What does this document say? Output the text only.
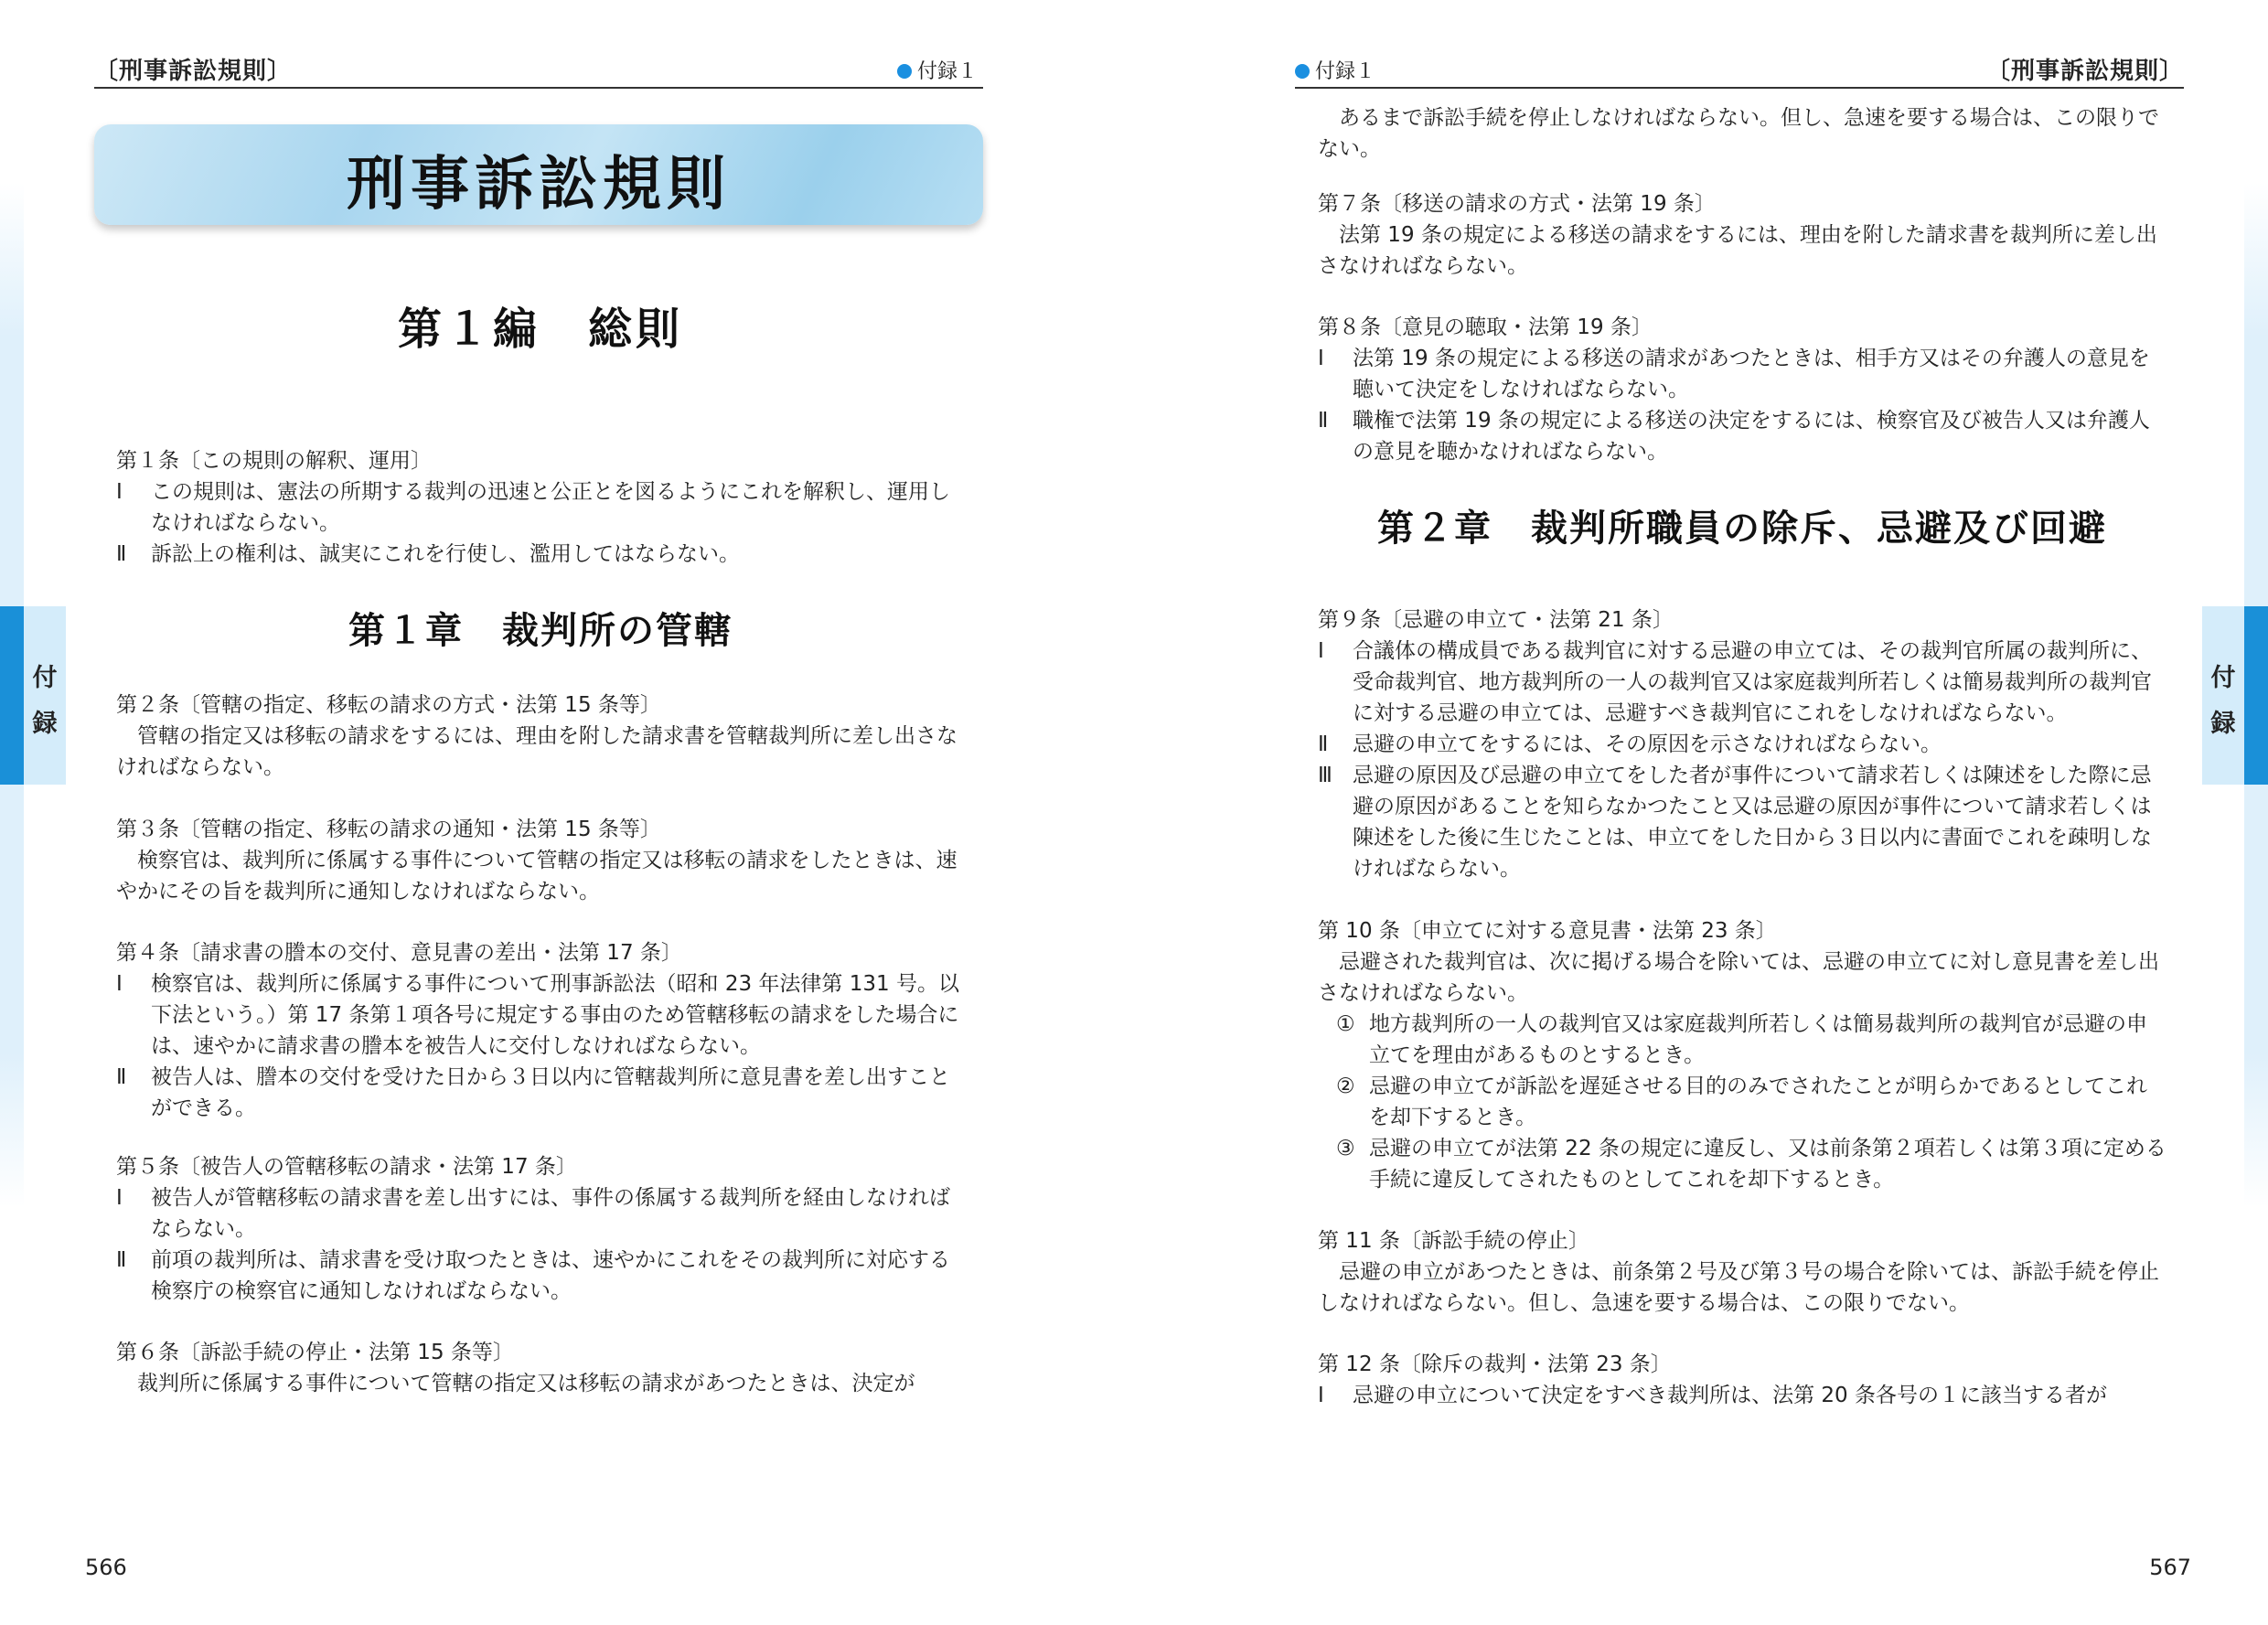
付
録
〔刑事訴訟規則〕	付録１
刑事訴訟規則
第１編　総則

第１条〔この規則の解釈、運用〕

Ⅰ この規則は、憲法の所期する裁判の迅速と公正とを図るようにこれを解釈し、運用しなければならない。

Ⅱ 訴訟上の権利は、誠実にこれを行使し、濫用してはならない。

第１章　裁判所の管轄

第２条〔管轄の指定、移転の請求の方式・法第 15 条等〕

管轄の指定又は移転の請求をするには、理由を附した請求書を管轄裁判所に差し出さなければならない。

第３条〔管轄の指定、移転の請求の通知・法第 15 条等〕

検察官は、裁判所に係属する事件について管轄の指定又は移転の請求をしたときは、速やかにその旨を裁判所に通知しなければならない。

第４条〔請求書の謄本の交付、意見書の差出・法第 17 条〕

Ⅰ 検察官は、裁判所に係属する事件について刑事訴訟法（昭和 23 年法律第 131 号。以下法という。）第 17 条第１項各号に規定する事由のため管轄移転の請求をした場合には、速やかに請求書の謄本を被告人に交付しなければならない。

Ⅱ 被告人は、謄本の交付を受けた日から３日以内に管轄裁判所に意見書を差し出すことができる。

第５条〔被告人の管轄移転の請求・法第 17 条〕

Ⅰ 被告人が管轄移転の請求書を差し出すには、事件の係属する裁判所を経由しなければならない。

Ⅱ 前項の裁判所は、請求書を受け取つたときは、速やかにこれをその裁判所に対応する検察庁の検察官に通知しなければならない。

第６条〔訴訟手続の停止・法第 15 条等〕

裁判所に係属する事件について管轄の指定又は移転の請求があつたときは、決定が

566
付
録
付録１	〔刑事訴訟規則〕

あるまで訴訟手続を停止しなければならない。但し、急速を要する場合は、この限りでない。

第７条〔移送の請求の方式・法第 19 条〕

法第 19 条の規定による移送の請求をするには、理由を附した請求書を裁判所に差し出さなければならない。

第８条〔意見の聴取・法第 19 条〕

Ⅰ 法第 19 条の規定による移送の請求があつたときは、相手方又はその弁護人の意見を聴いて決定をしなければならない。

Ⅱ 職権で法第 19 条の規定による移送の決定をするには、検察官及び被告人又は弁護人の意見を聴かなければならない。

第２章　裁判所職員の除斥、忌避及び回避

第９条〔忌避の申立て・法第 21 条〕

Ⅰ 合議体の構成員である裁判官に対する忌避の申立ては、その裁判官所属の裁判所に、受命裁判官、地方裁判所の一人の裁判官又は家庭裁判所若しくは簡易裁判所の裁判官に対する忌避の申立ては、忌避すべき裁判官にこれをしなければならない。

Ⅱ 忌避の申立てをするには、その原因を示さなければならない。

Ⅲ 忌避の原因及び忌避の申立てをした者が事件について請求若しくは陳述をした際に忌避の原因があることを知らなかつたこと又は忌避の原因が事件について請求若しくは陳述をした後に生じたことは、申立てをした日から３日以内に書面でこれを疎明しなければならない。

第 10 条〔申立てに対する意見書・法第 23 条〕

忌避された裁判官は、次に掲げる場合を除いては、忌避の申立てに対し意見書を差し出さなければならない。

① 地方裁判所の一人の裁判官又は家庭裁判所若しくは簡易裁判所の裁判官が忌避の申立てを理由があるものとするとき。

② 忌避の申立てが訴訟を遅延させる目的のみでされたことが明らかであるとしてこれを却下するとき。

③ 忌避の申立てが法第 22 条の規定に違反し、又は前条第２項若しくは第３項に定める手続に違反してされたものとしてこれを却下するとき。

第 11 条〔訴訟手続の停止〕

忌避の申立があつたときは、前条第２号及び第３号の場合を除いては、訴訟手続を停止しなければならない。但し、急速を要する場合は、この限りでない。

第 12 条〔除斥の裁判・法第 23 条〕

Ⅰ 忌避の申立について決定をすべき裁判所は、法第 20 条各号の１に該当する者が

567
